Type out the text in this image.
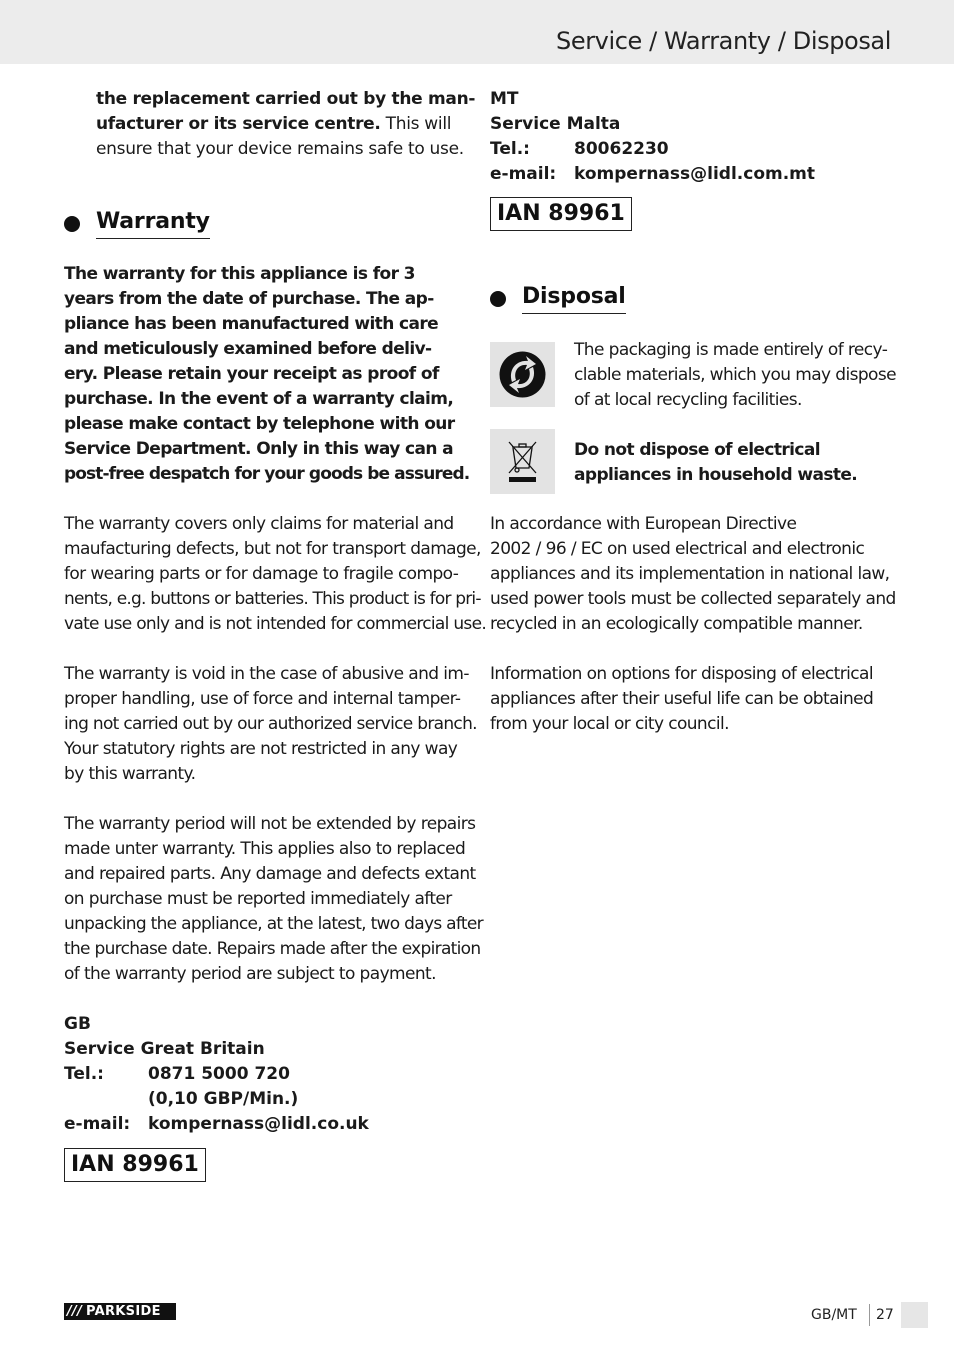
Service / Warranty / Disposal
the replacement carried out by the man-
ufacturer or its service centre. This will
ensure that your device remains safe to use.
Warranty
The warranty for this appliance is for 3
years from the date of purchase. The ap-
pliance has been manufactured with care
and meticulously examined before deliv-
ery. Please retain your receipt as proof of
purchase. In the event of a warranty claim,
please make contact by telephone with our
Service Department. Only in this way can a
post-free despatch for your goods be assured.
The warranty covers only claims for material and
maufacturing defects, but not for transport damage,
for wearing parts or for damage to fragile compo-
nents, e.g. buttons or batteries. This product is for pri-
vate use only and is not intended for commercial use.
The warranty is void in the case of abusive and im-
proper handling, use of force and internal tamper-
ing not carried out by our authorized service branch.
Your statutory rights are not restricted in any way
by this warranty.
The warranty period will not be extended by repairs
made unter warranty. This applies also to replaced
and repaired parts. Any damage and defects extant
on purchase must be reported immediately after
unpacking the appliance, at the latest, two days after
the purchase date. Repairs made after the expiration
of the warranty period are subject to payment.
GB
Service Great Britain
Tel.:	0871 5000 720
(0,10 GBP/Min.)
e-mail: kompernass@lidl.co.uk
IAN 89961
MT
Service Malta
Tel.:	80062230
e-mail: kompernass@lidl.com.mt
IAN 89961
Disposal
The packaging is made entirely of recy-
clable materials, which you may dispose
of at local recycling facilities.
Do not dispose of electrical
appliances in household waste.
In accordance with European Directive
2002 / 96 / EC on used electrical and electronic
appliances and its implementation in national law,
used power tools must be collected separately and
recycled in an ecologically compatible manner.
Information on options for disposing of electrical
appliances after their useful life can be obtained
from your local or city council.
/// PARKSIDE	GB/MT 27
